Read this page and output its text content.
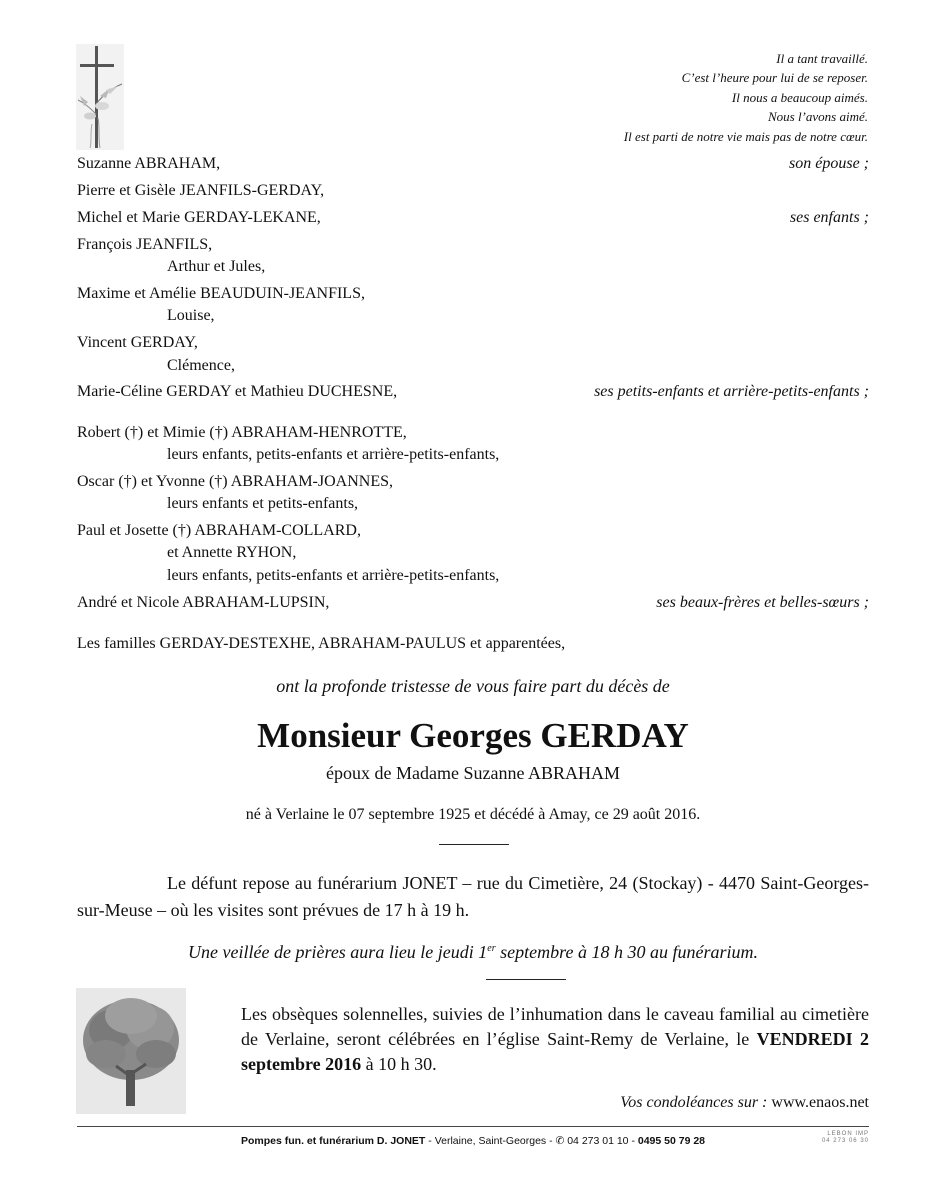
Il a tant travaillé.
C’est l’heure pour lui de se reposer.
Il nous a beaucoup aimés.
Nous l’avons aimé.
Il est parti de notre vie mais pas de notre cœur.
Suzanne ABRAHAM,	son épouse ;
Pierre et Gisèle JEANFILS-GERDAY,
Michel et Marie GERDAY-LEKANE,	ses enfants ;
François JEANFILS,
Arthur et Jules,
Maxime et Amélie BEAUDUIN-JEANFILS,
Louise,
Vincent GERDAY,
Clémence,
Marie-Céline GERDAY et Mathieu DUCHESNE,	ses petits-enfants et arrière-petits-enfants ;
Robert (†) et Mimie (†) ABRAHAM-HENROTTE,
leurs enfants, petits-enfants et arrière-petits-enfants,
Oscar (†) et Yvonne (†) ABRAHAM-JOANNES,
leurs enfants et petits-enfants,
Paul et Josette (†) ABRAHAM-COLLARD,
et Annette RYHON,
leurs enfants, petits-enfants et arrière-petits-enfants,
André et Nicole ABRAHAM-LUPSIN,	ses beaux-frères et belles-sœurs ;
Les familles GERDAY-DESTEXHE, ABRAHAM-PAULUS et apparentées,
ont la profonde tristesse de vous faire part du décès de
Monsieur Georges GERDAY
époux de Madame Suzanne ABRAHAM
né à Verlaine le 07 septembre 1925 et décédé à Amay, ce 29 août 2016.
Le défunt repose au funérarium JONET – rue du Cimetière, 24 (Stockay) - 4470 Saint-Georges-sur-Meuse – où les visites sont prévues de 17 h à 19 h.
Une veillée de prières aura lieu le jeudi 1er septembre à 18 h 30 au funérarium.
Les obsèques solennelles, suivies de l’inhumation dans le caveau familial au cimetière de Verlaine, seront célébrées en l’église Saint-Remy de Verlaine, le VENDREDI 2 septembre 2016 à 10 h 30.
Vos condoléances sur : www.enaos.net
Pompes fun. et funérarium D. JONET - Verlaine, Saint-Georges - ✆ 04 273 01 10 - 0495 50 79 28
LEBON IMP
04 273 06 30
